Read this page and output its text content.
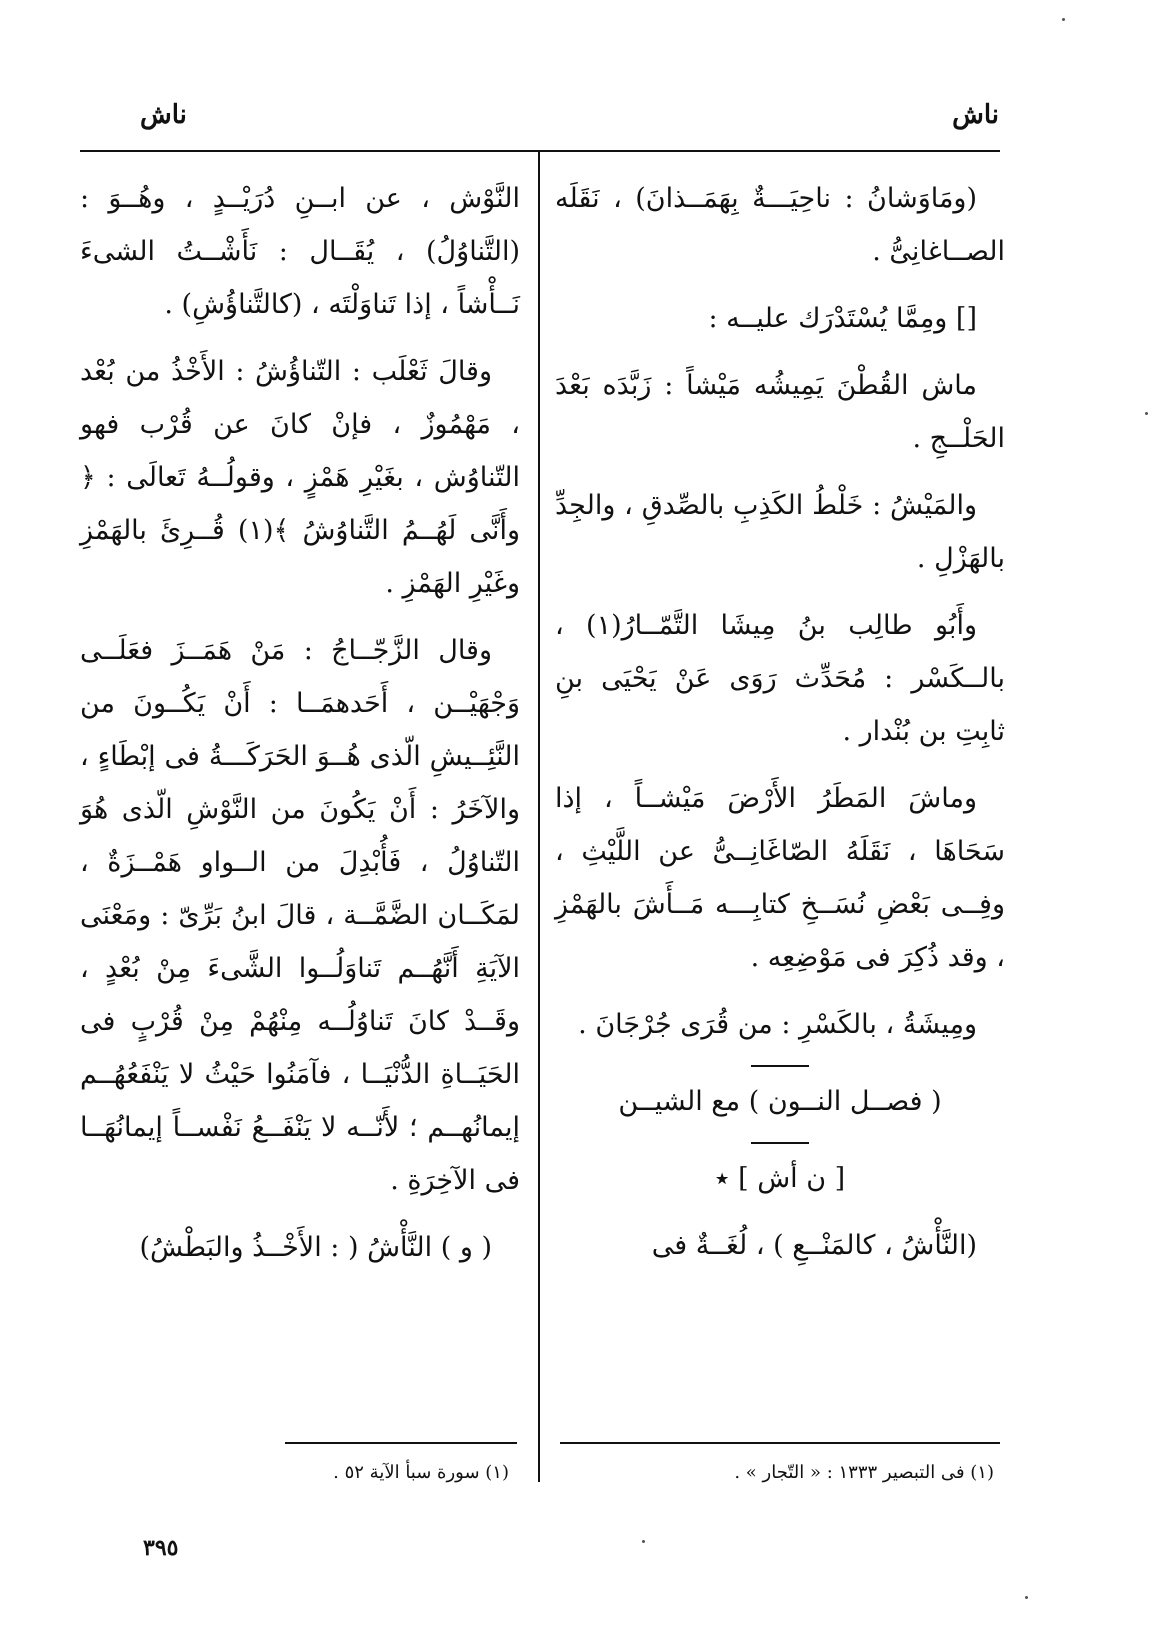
ناش
ناش

(ومَاوَشانُ : ناحِيَـــةٌ بِهَمَــذانَ) ، نَقَلَه الصــاغانِىُّ .

[] ومِمَّا يُسْتَدْرَك عليــه :

ماش القُطْنَ يَمِيشُه مَيْشاً : زَبَّدَه بَعْدَ الحَلْــجِ .

والمَيْشُ : خَلْطُ الكَذِبِ بالصِّدقِ ، والجِدِّ بالهَزْلِ .

وأَبُو طالِب بنُ مِيشَا التَّمّــارُ(١) ، بالــكَسْر : مُحَدِّث رَوَى عَنْ يَحْيَى بنِ ثابِتِ بن بُنْدار .

وماشَ المَطَرُ الأَرْضَ مَيْشــاً ، إذا سَحَاهَا ، نَقَلَهُ الصّاغَانِــىُّ عن اللَّيْثِ ، وفِــى بَعْضِ نُسَــخِ كتابِـــه مَــأَشَ بالهَمْزِ ، وقد ذُكِرَ فى مَوْضِعِه .

ومِيشَةُ ، بالكَسْرِ : من قُرَى جُرْجَانَ .

( فصــل النــون ) مع الشيــن

[ ن أش ] ٭

(النَّأْشُ ، كالمَنْــعِ ) ، لُغَــةٌ فى

النَّوْش ، عن ابــنِ دُرَيْــدٍ ، وهُــوَ : (التَّناوُلُ) ، يُقَــال : نَأَشْــتُ الشىءَ نَــأْشاً ، إذا تَناوَلْتَه ، (كالتَّناؤُشِ) .

وقالَ ثَعْلَب : التّناؤُشُ : الأَخْذُ من بُعْد ، مَهْمُوزٌ ، فإنْ كانَ عن قُرْب فهو التّناوُش ، بغَيْرِ هَمْزٍ ، وقولُــهُ تَعالَى : ﴿ وأَنَّى لَهُــمُ التَّناوُشُ ﴾(١) قُــرِئَ بالهَمْزِ وغَيْرِ الهَمْزِ .

وقال الزَّجّــاجُ : مَنْ هَمَــزَ فعَلَــى وَجْهَيْــن ، أَحَدهمَــا : أَنْ يَكُــونَ من النَّئِــيشِ الّذى هُــوَ الحَرَكَـــةُ فى إبْطَاءٍ ، والآخَرُ : أَنْ يَكُونَ من النَّوْشِ الّذى هُوَ التّناوُلُ ، فَأُبْدِلَ من الــواو هَمْــزَةٌ ، لمَكَــان الضَّمَّــة ، قالَ ابنُ بَرِّىّ : ومَعْنَى الآيَةِ أَنَّهُــم تَناوَلُــوا الشَّىءَ مِنْ بُعْدٍ ، وقَــدْ كانَ تَناوُلُــه مِنْهُمْ مِنْ قُرْبٍ فى الحَيَــاةِ الدُّنْيَــا ، فآمَنُوا حَيْثُ لا يَنْفَعُهُــم إيمانُهــم ؛ لأَنّــه لا يَنْفَــعُ نَفْســاً إيمانُهَــا فى الآخِرَةِ .

( و ) النَّأْشُ ( : الأَخْــذُ والبَطْشُ)

(١) فى التبصير ١٣٣٣ : « التّجار » .
(١) سورة سبأ الآية ٥٢ .
٣٩٥
